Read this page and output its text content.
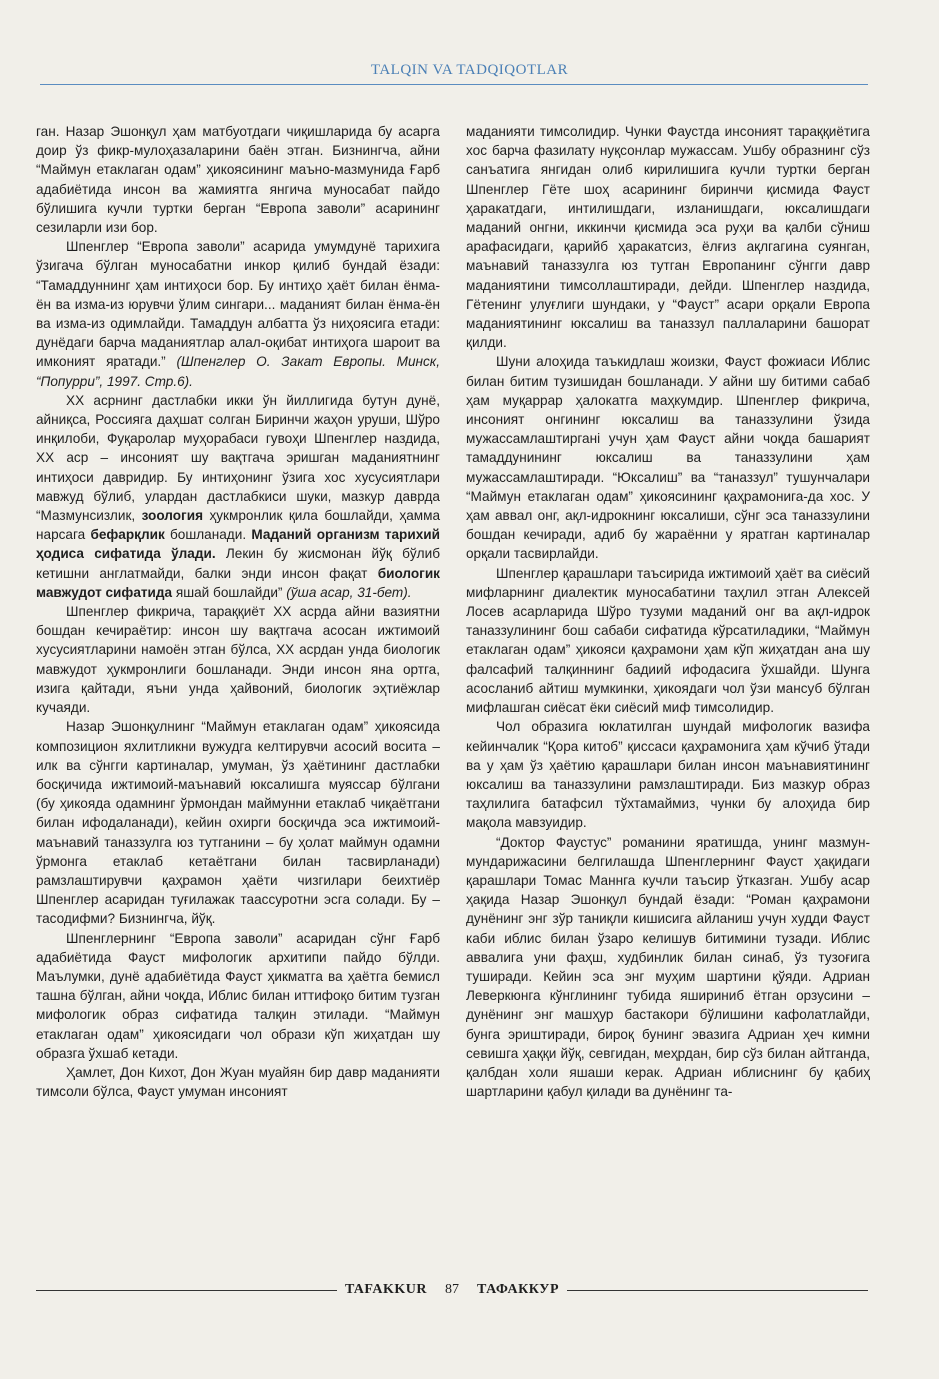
TALQIN VA TADQIQOTLAR

ган. Назар Эшонқул ҳам матбуотдаги чиқишларида бу асарга доир ўз фикр-мулоҳазаларини баён этган. Бизнингча, айни “Маймун етаклаган одам” ҳикоясининг маъно-мазмунида Ғарб адабиётида инсон ва жамиятга янгича муносабат пайдо бўлишига кучли туртки берган “Европа заволи” асарининг сезиларли изи бор.

Шпенглер “Европа заволи” асарида умумдунё тарихига ўзигача бўлган муносабатни инкор қилиб бундай ёзади: “Тамаддуннинг ҳам интиҳоси бор. Бу интиҳо ҳаёт билан ёнма-ён ва изма-из юрувчи ўлим сингари... маданият билан ёнма-ён ва изма-из одимлайди. Тамаддун албатта ўз ниҳоясига етади: дунёдаги барча маданиятлар алал-оқибат интиҳога шароит ва имконият яратади.” (Шпенглер О. Закат Европы. Минск, “Попурри”, 1997. Стр.6).

XX асрнинг дастлабки икки ўн йиллигида бутун дунё, айниқса, Россияга даҳшат солган Биринчи жаҳон уруши, Шўро инқилоби, Фуқаролар муҳорабаси гувоҳи Шпенглер наздида, XX аср – инсоният шу вақтгача эришган маданиятнинг интиҳоси давридир. Бу интиҳонинг ўзига хос хусусиятлари мавжуд бўлиб, улардан дастлабкиси шуки, мазкур даврда “Мазмунсизлик, зоология ҳукмронлик қила бошлайди, ҳамма нарсага бефарқлик бошланади. Маданий организм тарихий ҳодиса сифатида ўлади. Лекин бу жисмонан йўқ бўлиб кетишни англатмайди, балки энди инсон фақат биологик мавжудот сифатида яшай бошлайди” (ўша асар, 31-бет).

Шпенглер фикрича, тараққиёт XX асрда айни вазиятни бошдан кечираётир: инсон шу вақтгача асосан ижтимоий хусусиятларини намоён этган бўлса, XX асрдан унда биологик мавжудот ҳукмронлиги бошланади. Энди инсон яна ортга, изига қайтади, яъни унда ҳайвоний, биологик эҳтиёжлар кучаяди.

Назар Эшонқулнинг “Маймун етаклаган одам” ҳикоясида композицион яхлитликни вужудга келтирувчи асосий восита – илк ва сўнгги картиналар, умуман, ўз ҳаётининг дастлабки босқичида ижтимоий-маънавий юксалишга муяссар бўлгани (бу ҳикояда одамнинг ўрмондан маймунни етаклаб чиқаётгани билан ифодаланади), кейин охирги босқичда эса ижтимоий-маънавий таназзулга юз тутганини – бу ҳолат маймун одамни ўрмонга етаклаб кетаётгани билан тасвирланади) рамзлаштирувчи қаҳрамон ҳаёти чизгилари беихтиёр Шпенглер асаридан туғилажак таассуротни эсга солади. Бу – тасодифми? Бизнингча, йўқ.

Шпенглернинг “Европа заволи” асаридан сўнг Ғарб адабиётида Фауст мифологик архитипи пайдо бўлди. Маълумки, дунё адабиётида Фауст ҳикматга ва ҳаётга бемисл ташна бўлган, айни чоқда, Иблис билан иттифоқо битим тузган мифологик образ сифатида талқин этилади. “Маймун етаклаган одам” ҳикоясидаги чол образи кўп жиҳатдан шу образга ўхшаб кетади.

Ҳамлет, Дон Кихот, Дон Жуан муайян бир давр маданияти тимсоли бўлса, Фауст умуман инсоният

маданияти тимсолидир. Чунки Фаустда инсоният тараққиётига хос барча фазилату нуқсонлар мужассам. Ушбу образнинг сўз санъатига янгидан олиб кирилишига кучли туртки берган Шпенглер Гёте шоҳ асарининг биринчи қисмида Фауст ҳаракатдаги, интилишдаги, изланишдаги, юксалишдаги маданий онгни, иккинчи қисмида эса руҳи ва қалби сўниш арафасидаги, қарийб ҳаракатсиз, ёлғиз ақлгагина суянган, маънавий таназзулга юз тутган Европанинг сўнгги давр маданиятини тимсоллаштиради, дейди. Шпенглер наздида, Гётенинг улуғлиги шундаки, у “Фауст” асари орқали Европа маданиятининг юксалиш ва таназзул паллаларини башорат қилди.

Шуни алоҳида таъкидлаш жоизки, Фауст фожиаси Иблис билан битим тузишидан бошланади. У айни шу битими сабаб ҳам муқаррар ҳалокатга маҳкумдир. Шпенглер фикрича, инсоният онгининг юксалиш ва таназзулини ўзида мужассамлаштирганi учун ҳам Фауст айни чоқда башарият тамаддунининг юксалиш ва таназзулини ҳам мужассамлаштиради. “Юксалиш” ва “таназзул” тушунчалари “Маймун етаклаган одам” ҳикоясининг қаҳрамонига-да хос. У ҳам аввал онг, ақл-идрокнинг юксалиши, сўнг эса таназзулини бошдан кечиради, адиб бу жараённи у яратган картиналар орқали тасвирлайди.

Шпенглер қарашлари таъсирида ижтимоий ҳаёт ва сиёсий мифларнинг диалектик муносабатини таҳлил этган Алексей Лосев асарларида Шўро тузуми маданий онг ва ақл-идрок таназзулининг бош сабаби сифатида кўрсатиладики, “Маймун етаклаган одам” ҳикояси қаҳрамони ҳам кўп жиҳатдан ана шу фалсафий талқиннинг бадиий ифодасига ўхшайди. Шунга асосланиб айтиш мумкинки, ҳикоядаги чол ўзи мансуб бўлган мифлашган сиёсат ёки сиёсий миф тимсолидир.

Чол образига юклатилган шундай мифологик вазифа кейинчалик “Қора китоб” қиссаси қаҳрамонига ҳам кўчиб ўтади ва у ҳам ўз ҳаётию қарашлари билан инсон маънавиятининг юксалиш ва таназзулини рамзлаштиради. Биз мазкур образ таҳлилига батафсил тўхтамаймиз, чунки бу алоҳида бир мақола мавзуидир.

“Доктор Фаустус” романини яратишда, унинг мазмун-мундарижасини белгилашда Шпенглернинг Фауст ҳақидаги қарашлари Томас Маннга кучли таъсир ўтказган. Ушбу асар ҳақида Назар Эшонқул бундай ёзади: “Роман қаҳрамони дунёнинг энг зўр таниқли кишисига айланиш учун худди Фауст каби иблис билан ўзаро келишув битимини тузади. Иблис аввалига уни фаҳш, худбинлик билан синаб, ўз тузоғига туширади. Кейин эса энг муҳим шартини қўяди. Адриан Леверкюнга кўнглининг тубида яшириниб ётган орзусини – дунёнинг энг машҳур бастакори бўлишини кафолатлайди, бунга эриштиради, бироқ бунинг эвазига Адриан ҳеч кимни севишга ҳаққи йўқ, севгидан, меҳрдан, бир сўз билан айтганда, қалбдан холи яшаши керак. Адриан иблиснинг бу қабиҳ шартларини қабул қилади ва дунёнинг та-

TAFAKKUR	87	ТАФАККУР
